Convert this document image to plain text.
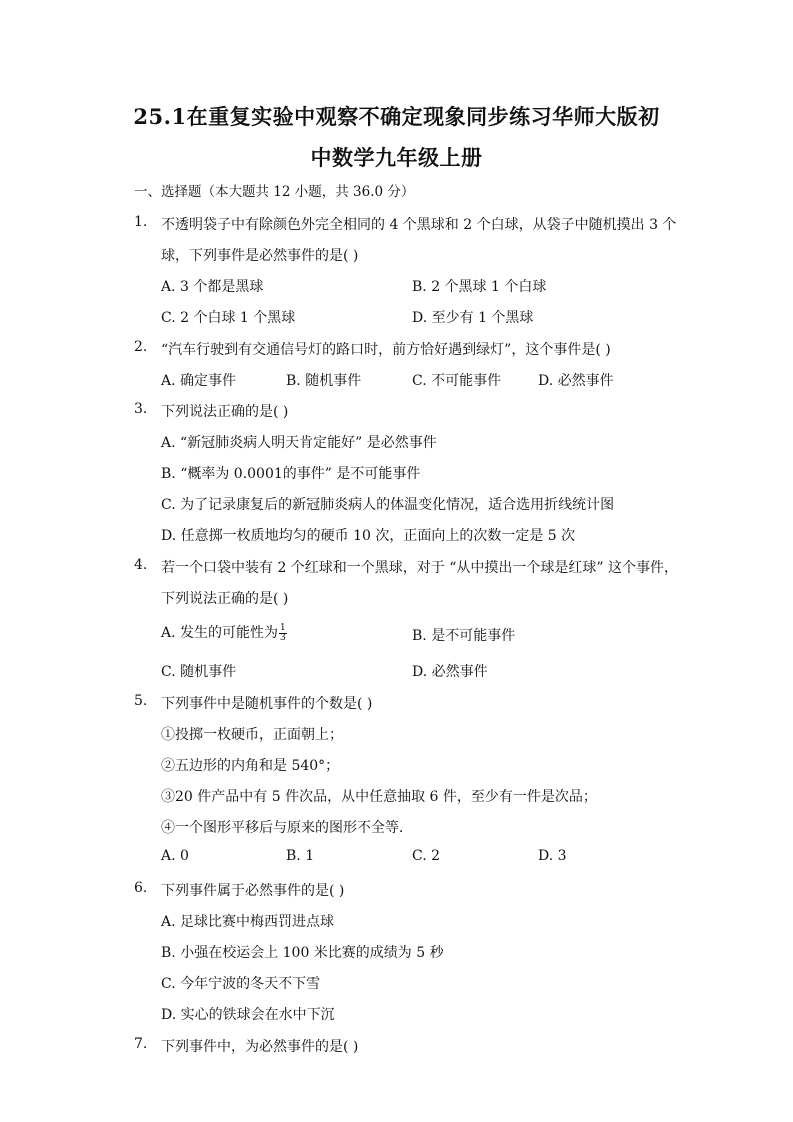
25.1在重复实验中观察不确定现象同步练习华师大版初
中数学九年级上册
一、选择题（本大题共 12 小题，共 36.0 分）
1. 不透明袋子中有除颜色外完全相同的 4 个黑球和 2 个白球，从袋子中随机摸出 3 个
球，下列事件是必然事件的是( )
A. 3 个都是黑球	B. 2 个黑球 1 个白球
C. 2 个白球 1 个黑球	D. 至少有 1 个黑球
2. “汽车行驶到有交通信号灯的路口时，前方恰好遇到绿灯”，这个事件是( )
A. 确定事件	B. 随机事件	C. 不可能事件	D. 必然事件
3. 下列说法正确的是( )
A. “新冠肺炎病人明天肯定能好” 是必然事件
B. “概率为 0.0001的事件” 是不可能事件
C. 为了记录康复后的新冠肺炎病人的体温变化情况，适合选用折线统计图
D. 任意掷一枚质地均匀的硬币 10 次，正面向上的次数一定是 5 次
4. 若一个口袋中装有 2 个红球和一个黑球，对于 “从中摸出一个球是红球” 这个事件，
下列说法正确的是( )
A. 发生的可能性为 $\frac{1}{3}$	B. 是不可能事件
C. 随机事件	D. 必然事件
5. 下列事件中是随机事件的个数是( )
①投掷一枚硬币，正面朝上；
②五边形的内角和是 540°；
③20 件产品中有 5 件次品，从中任意抽取 6 件，至少有一件是次品；
④一个图形平移后与原来的图形不全等．
A. 0	B. 1	C. 2	D. 3
6. 下列事件属于必然事件的是( )
A. 足球比赛中梅西罚进点球
B. 小强在校运会上 100 米比赛的成绩为 5 秒
C. 今年宁波的冬天不下雪
D. 实心的铁球会在水中下沉
7. 下列事件中，为必然事件的是( )
